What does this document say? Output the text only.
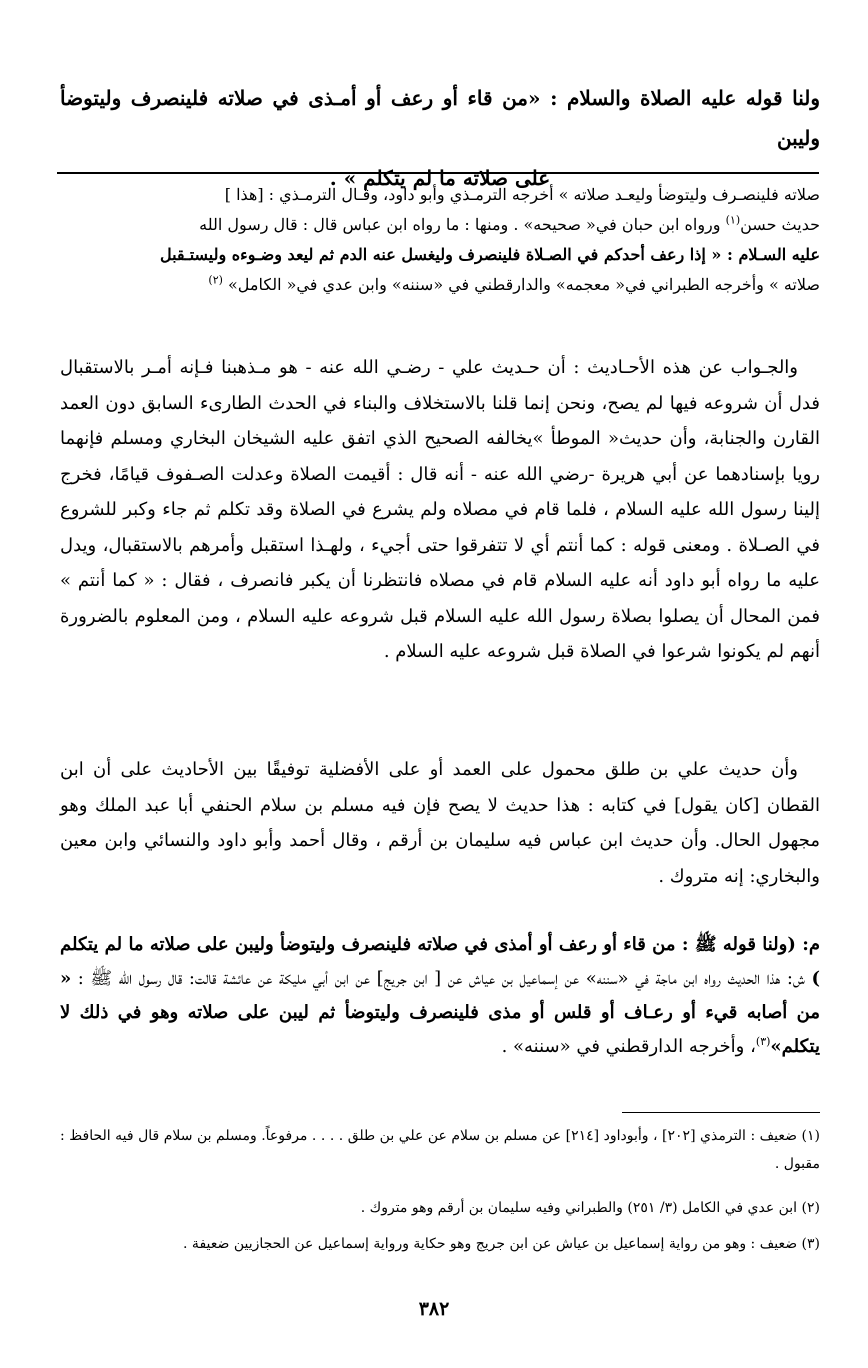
ولنا قوله عليه الصلاة والسلام : «من قاء أو رعف أو أمـذى في صلاته فلينصرف وليتوضأ وليبن
على صلاته ما لم يتكلم » .
صلاته فلينصـرف وليتوضأ وليعـد صلاته » أخرجه الترمـذي وأبو داود، وقـال الترمـذي : [هذا ]
حديث حسن$^{(١)}$ ورواه ابن حبان في« صحيحه» . ومنها : ما رواه ابن عباس قال : قال رسول الله
عليه السـلام : « إذا رعف أحدكم في الصـلاة فلينصرف وليغسل عنه الدم ثم ليعد وضـوءه وليستـقبل
صلاته » وأخرجه الطبراني في« معجمه» والدارقطني في «سننه» وابن عدي في« الكامل» $^{(٢)}$
والجـواب عن هذه الأحـاديث : أن حـديث علي - رضـي الله عنه - هو مـذهبنا فـإنه أمـر بالاستقبال فدل أن شروعه فيها لم يصح، ونحن إنما قلنا بالاستخلاف والبناء في الحدث الطارىء السابق دون العمد القارن والجنابة، وأن حديث« الموطأ »يخالفه الصحيح الذي اتفق عليه الشيخان البخاري ومسلم فإنهما رويا بإسنادهما عن أبي هريرة -رضي الله عنه - أنه قال : أقيمت الصلاة وعدلت الصـفوف قيامًا، فخرج إلينا رسول الله عليه السلام ، فلما قام في مصلاه ولم يشرع في الصلاة وقد تكلم ثم جاء وكبر للشروع في الصـلاة . ومعنى قوله : كما أنتم أي لا تتفرقوا حتى أجيء ، ولهـذا استقبل وأمرهم بالاستقبال، ويدل عليه ما رواه أبو داود أنه عليه السلام قام في مصلاه فانتظرنا أن يكبر فانصرف ، فقال : « كما أنتم » فمن المحال أن يصلوا بصلاة رسول الله عليه السلام قبل شروعه عليه السلام ، ومن المعلوم بالضرورة أنهم لم يكونوا شرعوا في الصلاة قبل شروعه عليه السلام .
وأن حديث علي بن طلق محمول على العمد أو على الأفضلية توفيقًا بين الأحاديث على أن ابن القطان [كان يقول] في كتابه : هذا حديث لا يصح فإن فيه مسلم بن سلام الحنفي أبا عبد الملك وهو مجهول الحال. وأن حديث ابن عباس فيه سليمان بن أرقم ، وقال أحمد وأبو داود والنسائي وابن معين والبخاري: إنه متروك .
م: (ولنا قوله ﷺ : من قاء أو رعف أو أمذى في صلاته فلينصرف وليتوضأ وليبن على صلاته ما لم يتكلم ) ش: هذا الحديث رواه ابن ماجة في «سننه» عن إسماعيل بن عياش عن [ ابن جريج] عن ابن أبي مليكة عن عائشة قالت: قال رسول الله ﷺ : « من أصابه قيء أو رعـاف أو قلس أو مذى فلينصرف وليتوضأ ثم ليبن على صلاته وهو في ذلك لا يتكلم»$^{(٣)}$، وأخرجه الدارقطني في «سننه» .
(١) ضعيف : الترمذي [٢٠٢] ، وأبوداود [٢١٤] عن مسلم بن سلام عن علي بن طلق . . . . مرفوعاً. ومسلم بن سلام قال فيه الحافظ : مقبول .
(٢) ابن عدي في الكامل (٣/ ٢٥١) والطبراني وفيه سليمان بن أرقم وهو متروك .
(٣) ضعيف : وهو من رواية إسماعيل بن عياش عن ابن جريج وهو حكاية ورواية إسماعيل عن الحجازيين ضعيفة .
٣٨٢
